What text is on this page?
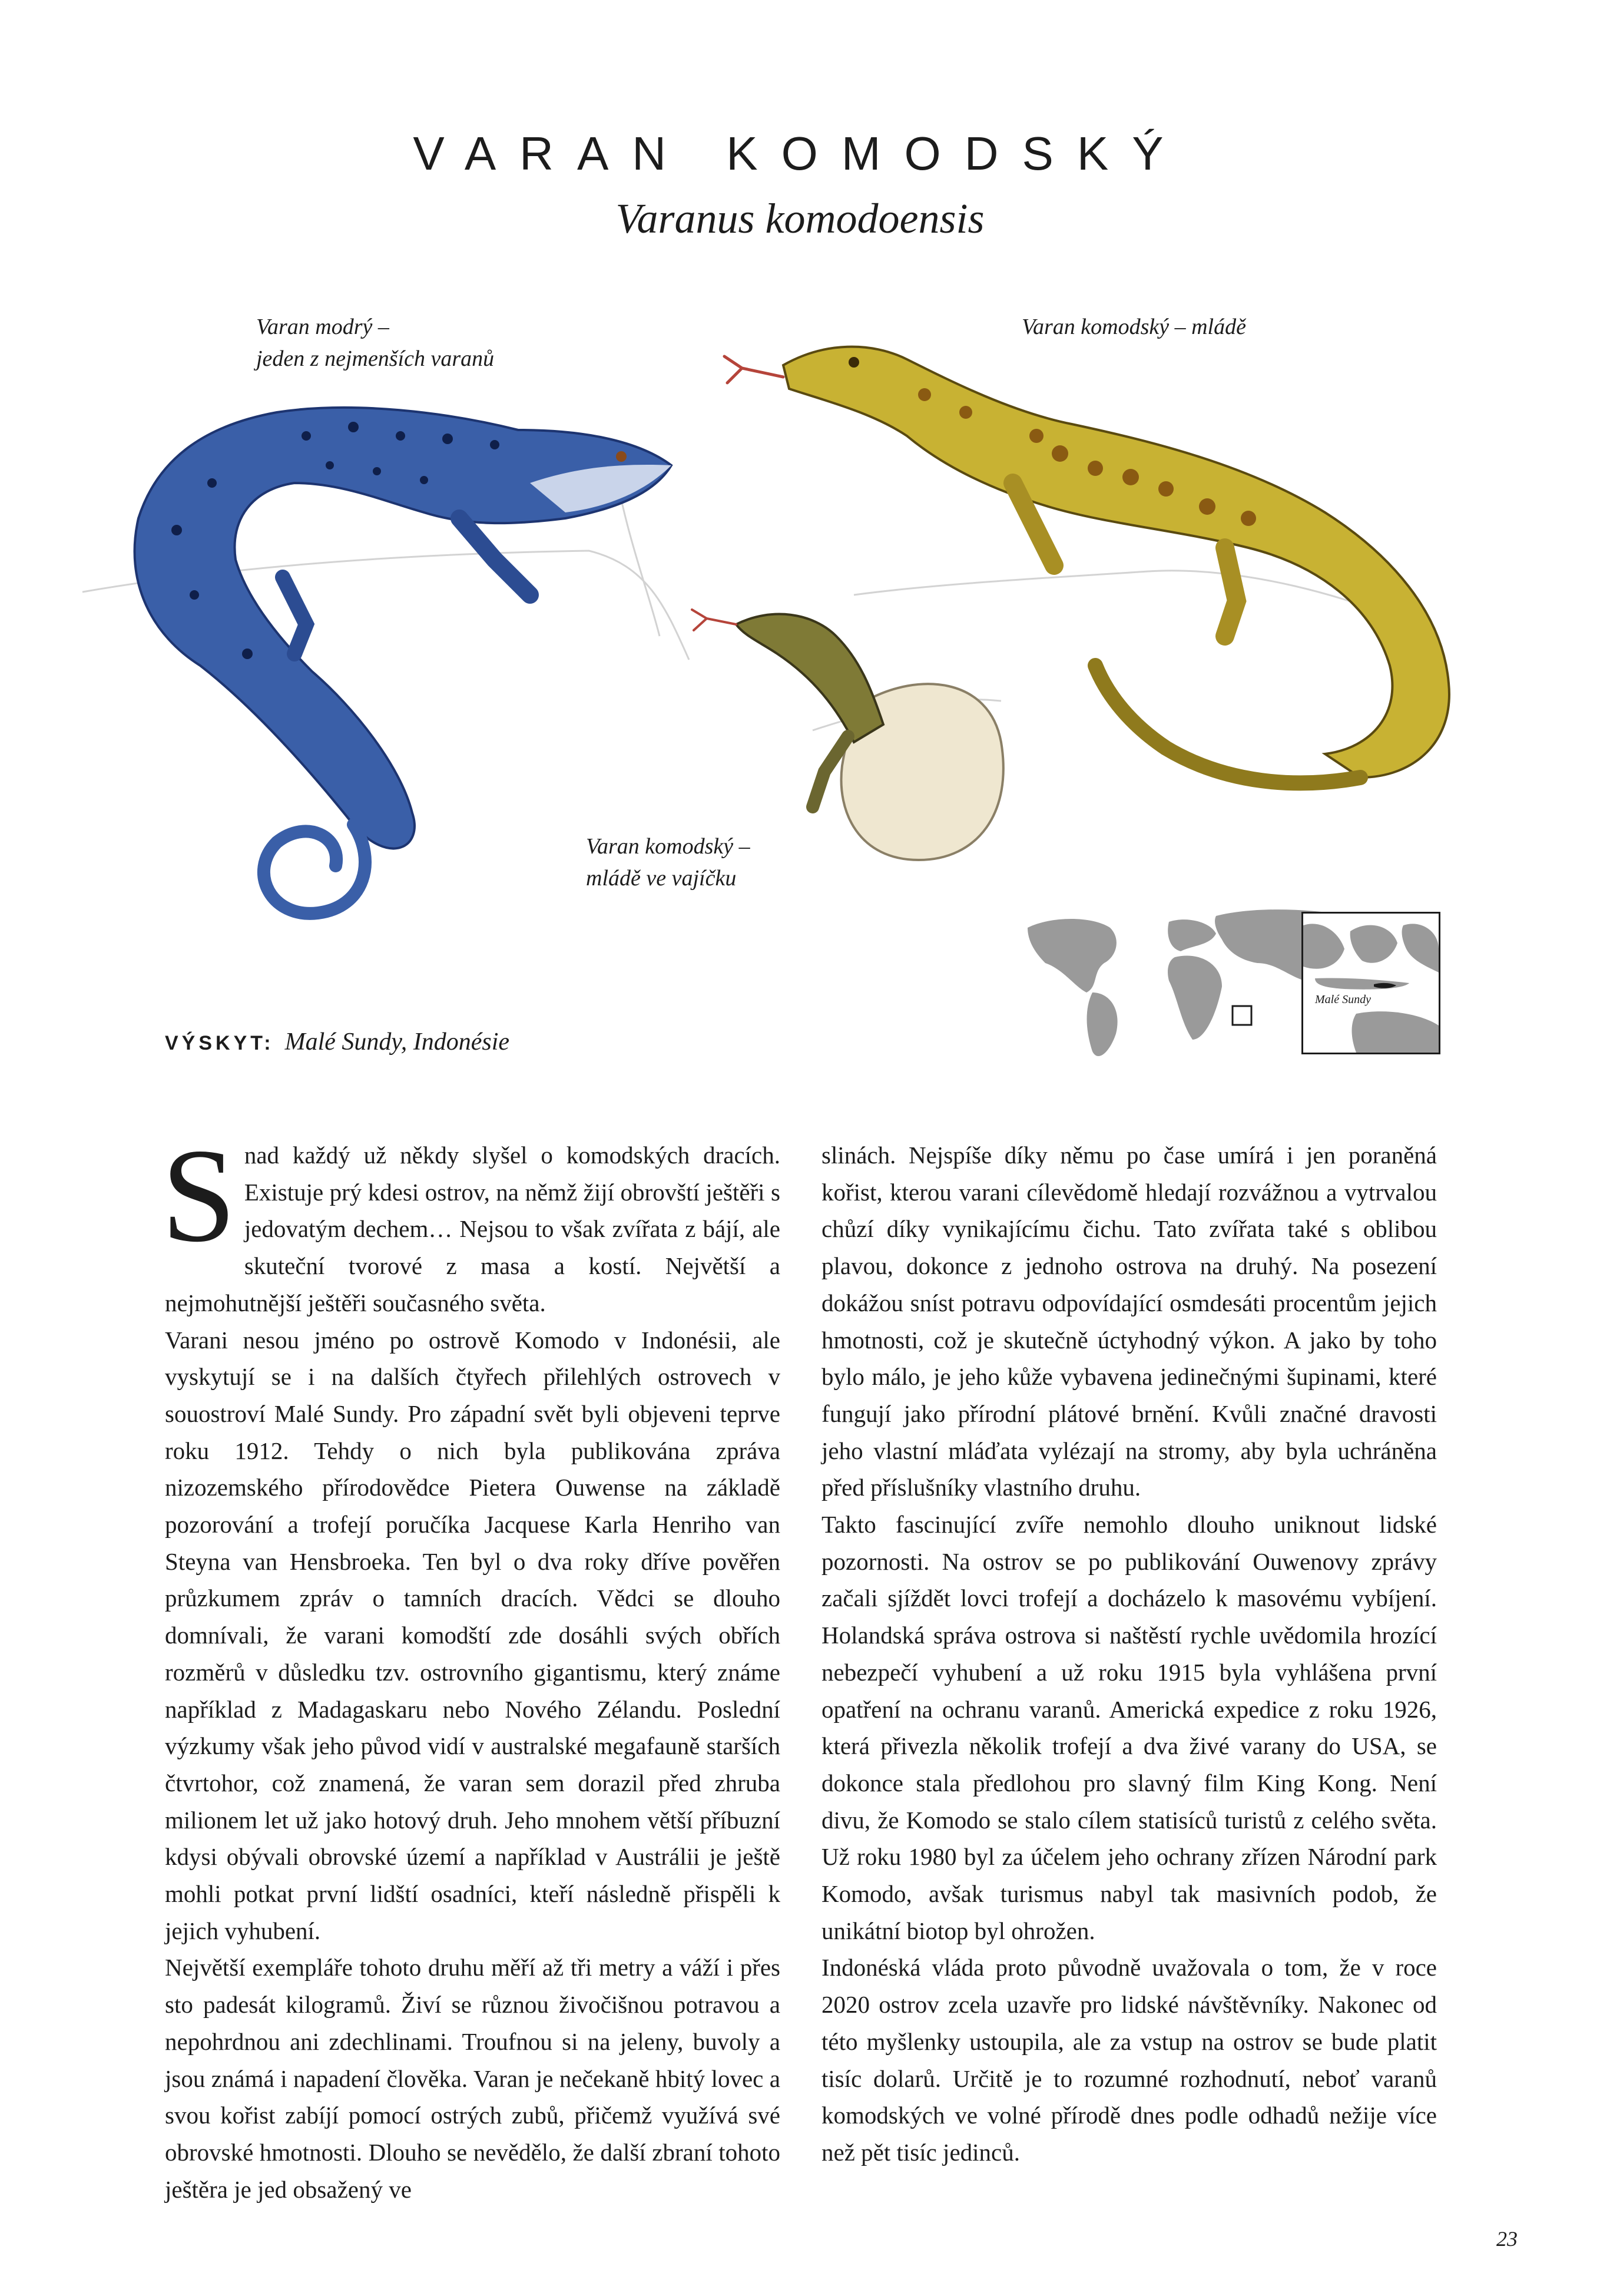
VARAN KOMODSKÝ
Varanus komodoensis
Varan modrý –
jeden z nejmenších varanů
Varan komodský – mládě
Varan komodský –
mládě ve vajíčku
Malé Sundy
VÝSKYT: Malé Sundy, Indonésie

Snad každý už někdy slyšel o komodských dracích. Existuje prý kdesi ostrov, na němž žijí obrovští ještěři s jedovatým dechem… Nejsou to však zvířata z bájí, ale skuteční tvorové z masa a kostí. Největší a nejmohutnější ještěři současného světa.

Varani nesou jméno po ostrově Komodo v Indonésii, ale vyskytují se i na dalších čtyřech přilehlých ostrovech v souostroví Malé Sundy. Pro západní svět byli objeveni teprve roku 1912. Tehdy o nich byla publikována zpráva nizozemského přírodovědce Pietera Ouwense na základě pozorování a trofejí poručíka Jacquese Karla Henriho van Steyna van Hensbroeka. Ten byl o dva roky dříve pověřen průzkumem zpráv o tamních dracích. Vědci se dlouho domnívali, že varani komodští zde dosáhli svých obřích rozměrů v důsledku tzv. ostrovního gigantismu, který známe například z Madagaskaru nebo Nového Zélandu. Poslední výzkumy však jeho původ vidí v australské megafauně starších čtvrtohor, což znamená, že varan sem dorazil před zhruba milionem let už jako hotový druh. Jeho mnohem větší příbuzní kdysi obývali obrovské území a například v Austrálii je ještě mohli potkat první lidští osadníci, kteří následně přispěli k jejich vyhubení.

Největší exempláře tohoto druhu měří až tři metry a váží i přes sto padesát kilogramů. Živí se různou živočišnou potravou a nepohrdnou ani zdechlinami. Troufnou si na jeleny, buvoly a jsou známá i napadení člověka. Varan je nečekaně hbitý lovec a svou kořist zabíjí pomocí ostrých zubů, přičemž využívá své obrovské hmotnosti. Dlouho se nevědělo, že další zbraní tohoto ještěra je jed obsažený ve

slinách. Nejspíše díky němu po čase umírá i jen poraněná kořist, kterou varani cílevědomě hledají rozvážnou a vytrvalou chůzí díky vynikajícímu čichu. Tato zvířata také s oblibou plavou, dokonce z jednoho ostrova na druhý. Na posezení dokážou sníst potravu odpovídající osmdesáti procentům jejich hmotnosti, což je skutečně úctyhodný výkon. A jako by toho bylo málo, je jeho kůže vybavena jedinečnými šupinami, které fungují jako přírodní plátové brnění. Kvůli značné dravosti jeho vlastní mláďata vylézají na stromy, aby byla uchráněna před příslušníky vlastního druhu.

Takto fascinující zvíře nemohlo dlouho uniknout lidské pozornosti. Na ostrov se po publikování Ouwenovy zprávy začali sjíždět lovci trofejí a docházelo k masovému vybíjení. Holandská správa ostrova si naštěstí rychle uvědomila hrozící nebezpečí vyhubení a už roku 1915 byla vyhlášena první opatření na ochranu varanů. Americká expedice z roku 1926, která přivezla několik trofejí a dva živé varany do USA, se dokonce stala předlohou pro slavný film King Kong. Není divu, že Komodo se stalo cílem statisíců turistů z celého světa. Už roku 1980 byl za účelem jeho ochrany zřízen Národní park Komodo, avšak turismus nabyl tak masivních podob, že unikátní biotop byl ohrožen.

Indonéská vláda proto původně uvažovala o tom, že v roce 2020 ostrov zcela uzavře pro lidské návštěvníky. Nakonec od této myšlenky ustoupila, ale za vstup na ostrov se bude platit tisíc dolarů. Určitě je to rozumné rozhodnutí, neboť varanů komodských ve volné přírodě dnes podle odhadů nežije více než pět tisíc jedinců.

23
